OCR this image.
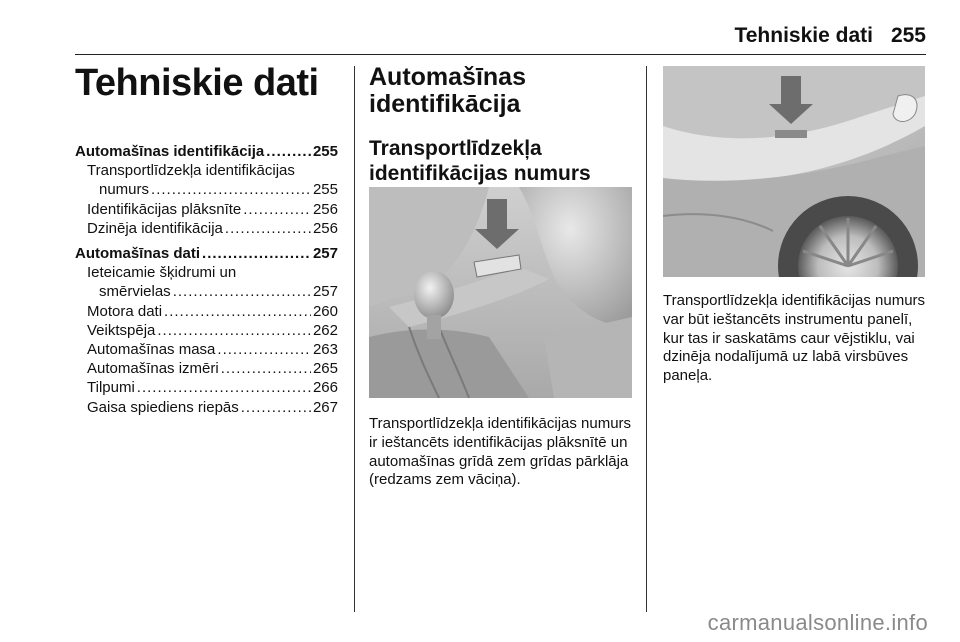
Tehniskie dati 255
Tehniskie dati
Automašīnas identifikācija .....	255
Transportlīdzekļa identifikācijas
numurs .....	255
Identifikācijas plāksnīte .....	256
Dzinēja identifikācija .....	256
Automašīnas dati .....	257
Ieteicamie šķidrumi un
smērvielas .....	257
Motora dati .....	260
Veiktspēja .....	262
Automašīnas masa .....	263
Automašīnas izmēri .....	265
Tilpumi .....	266
Gaisa spiediens riepās .....	267
Automašīnas
identifikācija
Transportlīdzekļa
identifikācijas numurs

Transportlīdzekļa identifikācijas numurs ir ieštancēts identifikācijas plāksnītē un automašīnas grīdā zem grīdas pārklāja (redzams zem vāciņa).

Transportlīdzekļa identifikācijas numurs var būt ieštancēts instrumentu panelī, kur tas ir saskatāms caur vējstiklu, vai dzinēja nodalījumā uz labā virsbūves paneļa.

carmanualsonline.info
